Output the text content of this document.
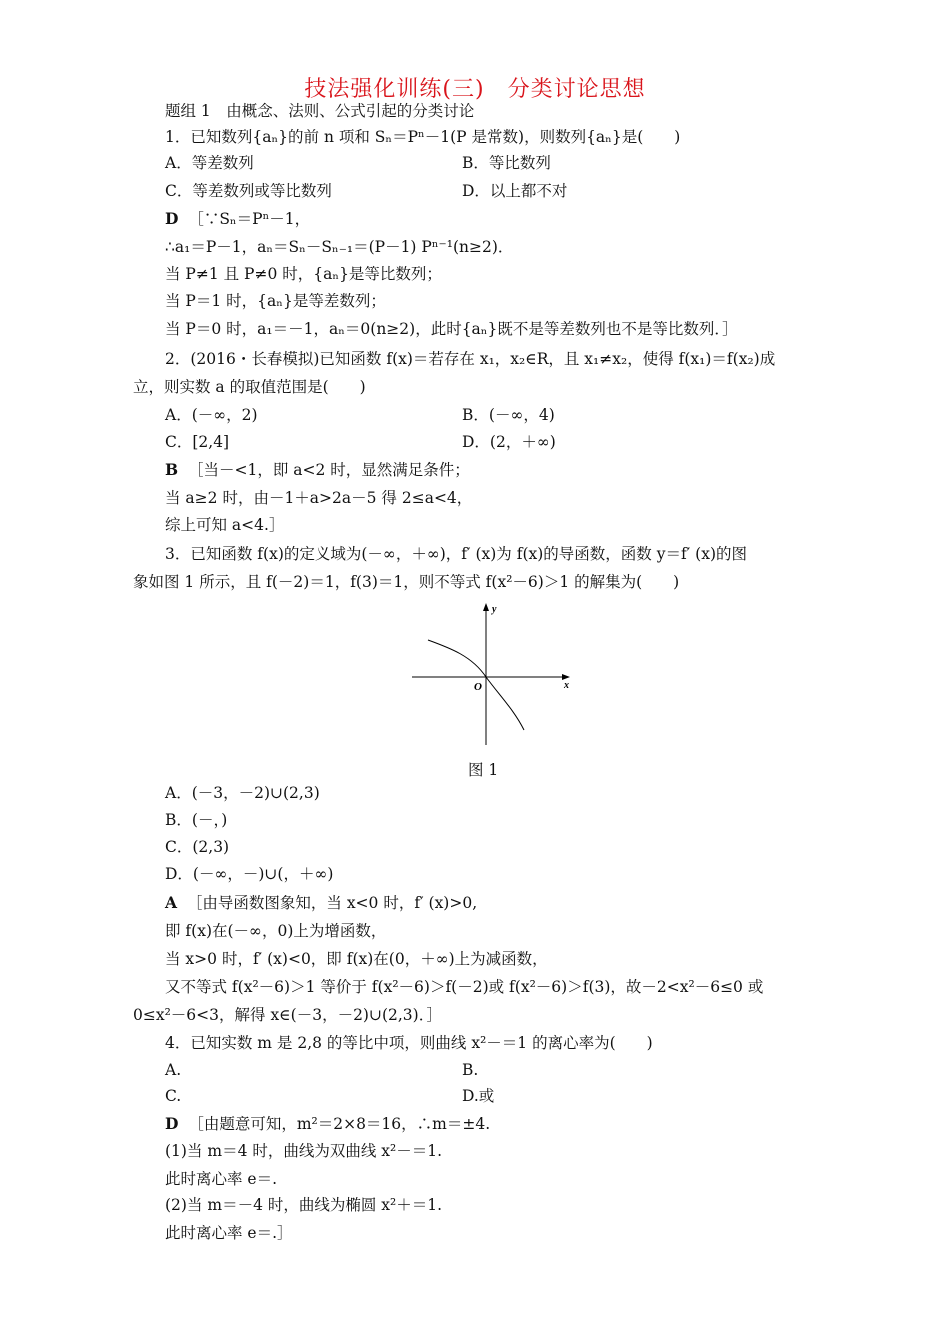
技法强化训练(三)　分类讨论思想
题组 1　由概念、法则、公式引起的分类讨论
1．已知数列{aₙ}的前 n 项和 Sₙ＝Pⁿ－1(P 是常数)，则数列{aₙ}是(　　)
A．等差数列	B．等比数列
C．等差数列或等比数列	D．以上都不对
D ［∵Sₙ＝Pⁿ－1，
∴a₁＝P－1，aₙ＝Sₙ－Sₙ₋₁＝(P－1) Pⁿ⁻¹(n≥2)．
当 P≠1 且 P≠0 时，{aₙ}是等比数列；
当 P＝1 时，{aₙ}是等差数列；
当 P＝0 时，a₁＝－1，aₙ＝0(n≥2)，此时{aₙ}既不是等差数列也不是等比数列．］
2．(2016・长春模拟)已知函数 f(x)＝若存在 x₁，x₂∈R，且 x₁≠x₂，使得 f(x₁)＝f(x₂)成
立，则实数 a 的取值范围是(　　)
A．(－∞，2)	B．(－∞，4)
C．[2,4]	D．(2，＋∞)
B ［当－<1，即 a<2 时，显然满足条件；
当 a≥2 时，由－1＋a>2a－5 得 2≤a<4，
综上可知 a<4.］
3．已知函数 f(x)的定义域为(－∞，＋∞)，f′ (x)为 f(x)的导函数，函数 y＝f′ (x)的图
象如图 1 所示，且 f(－2)＝1，f(3)＝1，则不等式 f(x²－6)＞1 的解集为(　　)
y
x
O
图 1
A．(－3，－2)∪(2,3)
B．(－，)
C．(2,3)
D．(－∞，－)∪(，＋∞)
A ［由导函数图象知，当 x<0 时，f′ (x)>0,
即 f(x)在(－∞，0)上为增函数，
当 x>0 时，f′ (x)<0，即 f(x)在(0，＋∞)上为减函数，
又不等式 f(x²－6)＞1 等价于 f(x²－6)＞f(－2)或 f(x²－6)＞f(3)，故－2<x²－6≤0 或
0≤x²－6<3，解得 x∈(－3，－2)∪(2,3)．］
4．已知实数 m 是 2,8 的等比中项，则曲线 x²－＝1 的离心率为(　　)
A.	B.
C.	D.或
D ［由题意可知，m²＝2×8＝16，∴m＝±4.
(1)当 m＝4 时，曲线为双曲线 x²－＝1.
此时离心率 e＝.
(2)当 m＝－4 时，曲线为椭圆 x²＋＝1.
此时离心率 e＝.］
